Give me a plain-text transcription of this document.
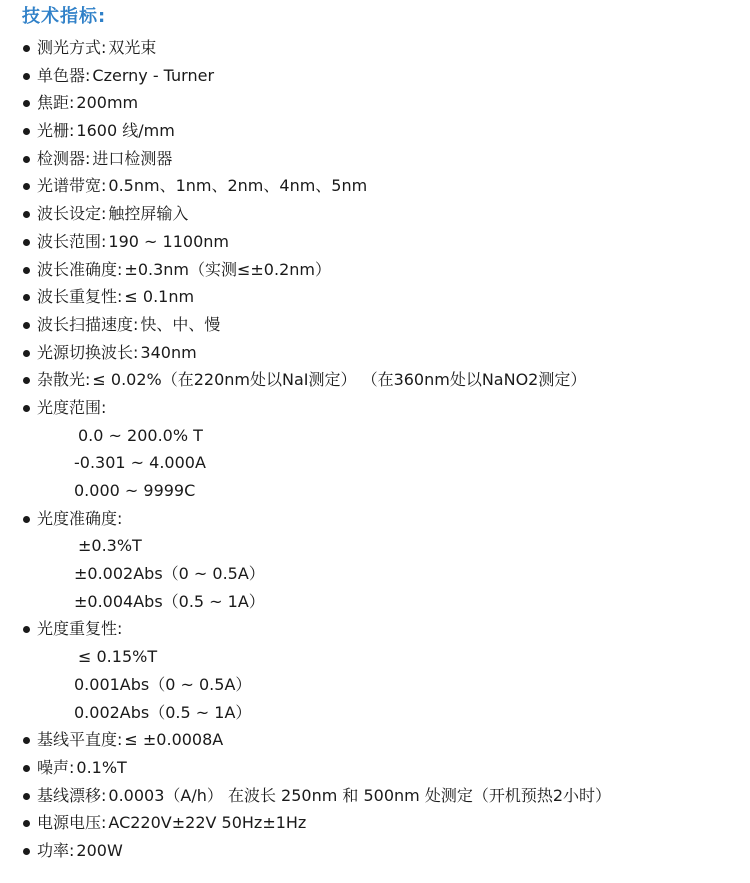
技术指标:
测光方式: 双光束
单色器: Czerny - Turner
焦距: 200mm
光栅: 1600 线/mm
检测器: 进口检测器
光谱带宽: 0.5nm、1nm、2nm、4nm、5nm
波长设定: 触控屏输入
波长范围: 190 ~ 1100nm
波长准确度: ±0.3nm（实测≤±0.2nm）
波长重复性: ≤ 0.1nm
波长扫描速度: 快、中、慢
光源切换波长: 340nm
杂散光: ≤ 0.02%（在220nm处以NaI测定） （在360nm处以NaNO2测定）
光度范围:
0.0 ~ 200.0% T
-0.301 ~ 4.000A
0.000 ~ 9999C
光度准确度:
±0.3%T
±0.002Abs（0 ~ 0.5A）
±0.004Abs（0.5 ~ 1A）
光度重复性:
≤ 0.15%T
0.001Abs（0 ~ 0.5A）
0.002Abs（0.5 ~ 1A）
基线平直度: ≤ ±0.0008A
噪声: 0.1%T
基线漂移: 0.0003（A/h） 在波长 250nm 和 500nm 处测定（开机预热2小时）
电源电压: AC220V±22V 50Hz±1Hz
功率: 200W
